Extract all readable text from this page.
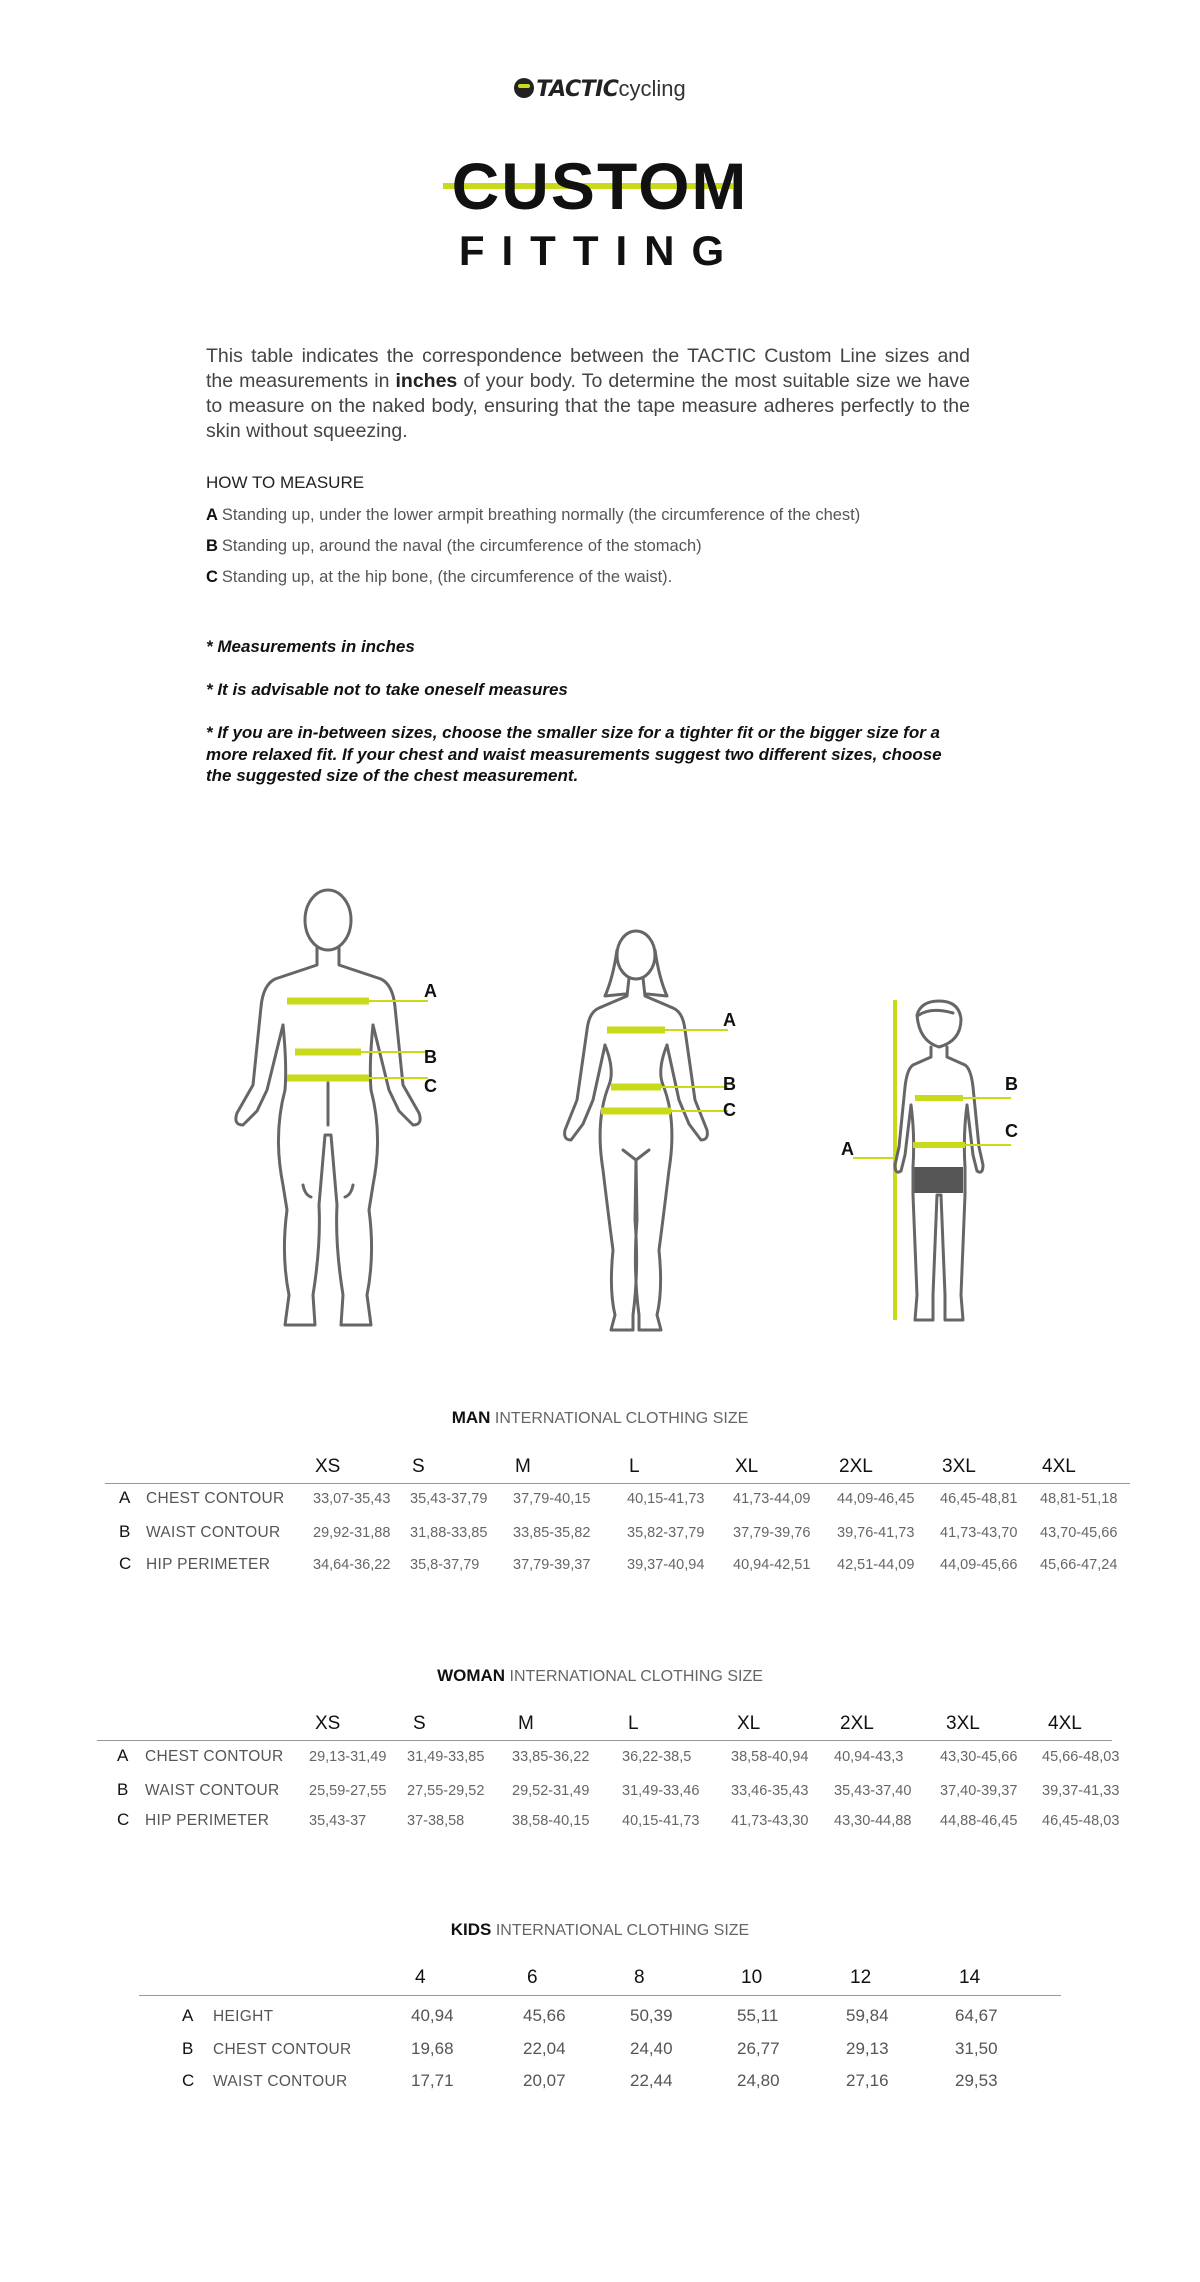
TACTICcycling
CUSTOM
FITTING
This table indicates the correspondence between the TACTIC Custom Line sizes and the measurements in inches of your body. To determine the most suitable size we have to measure on the naked body, ensuring that the tape measure adheres perfectly to the skin without squeezing.
HOW TO MEASURE
A Standing up, under the lower armpit breathing normally (the circumference of the chest)
B Standing up, around the naval (the circumference of the stomach)
C Standing up, at the hip bone, (the circumference of the waist).
* Measurements in inches
* It is advisable not to take oneself measures
* If you are in-between sizes, choose the smaller size for a tighter fit or the bigger size for a more relaxed fit. If your chest and waist measurements suggest two different sizes, choose the suggested size of the chest measurement.
A
B
C
A
B
C
A
B
C
MAN INTERNATIONAL CLOTHING SIZE
XS	S	M	L	XL	2XL	3XL	4XL
A CHEST CONTOUR 33,07-35,43 35,43-37,79 37,79-40,15	40,15-41,73 41,73-44,09 44,09-46,45 46,45-48,81 48,81-51,18
B WAIST CONTOUR 29,92-31,88 31,88-33,85 33,85-35,82	35,82-37,79 37,79-39,76 39,76-41,73 41,73-43,70 43,70-45,66
C HIP PERIMETER	34,64-36,22 35,8-37,79 37,79-39,37	39,37-40,94 40,94-42,51 42,51-44,09 44,09-45,66 45,66-47,24
WOMAN INTERNATIONAL CLOTHING SIZE
XS	S	M	L	XL	2XL	3XL	4XL
A CHEST CONTOUR 29,13-31,49 31,49-33,85 33,85-36,22 36,22-38,5	38,58-40,94 40,94-43,3	43,30-45,66 45,66-48,03
B WAIST CONTOUR 25,59-27,55 27,55-29,52 29,52-31,49 31,49-33,46 33,46-35,43 35,43-37,40 37,40-39,37 39,37-41,33
C HIP PERIMETER	35,43-37	37-38,58	38,58-40,15 40,15-41,73 41,73-43,30 43,30-44,88 44,88-46,45 46,45-48,03
KIDS INTERNATIONAL CLOTHING SIZE
4	6	8	10	12	14
A HEIGHT	40,94	45,66	50,39	55,11	59,84	64,67
B CHEST CONTOUR	19,68	22,04	24,40	26,77	29,13	31,50
C WAIST CONTOUR	17,71	20,07	22,44	24,80	27,16	29,53
